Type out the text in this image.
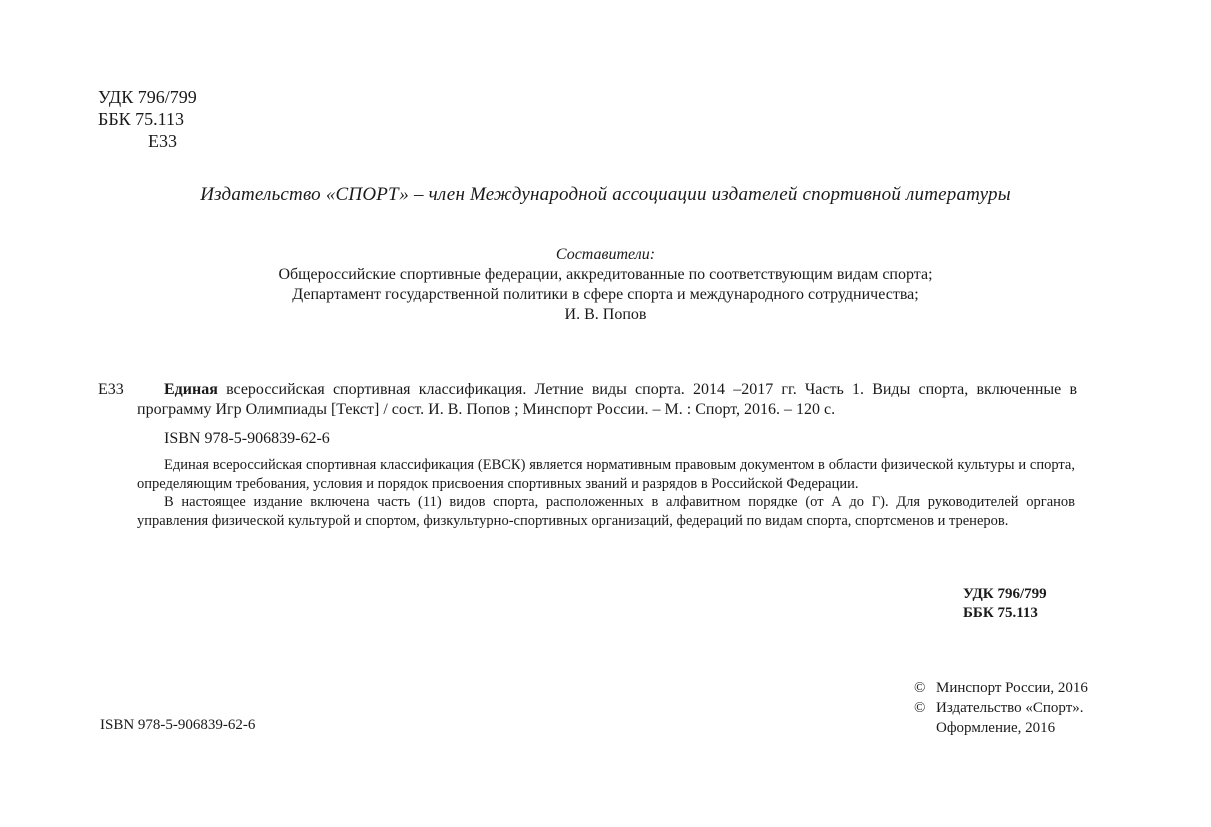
УДК 796/799
ББК 75.113
Е33
Издательство «СПОРТ» – член Международной ассоциации издателей спортивной литературы
Составители:
Общероссийские спортивные федерации, аккредитованные по соответствующим видам спорта;
Департамент государственной политики в сфере спорта и международного сотрудничества;
И. В. Попов
Е33	Единая всероссийская спортивная классификация. Летние виды спорта. 2014 –2017 гг. Часть 1. Виды спорта, включенные в программу Игр Олимпиады [Текст] / сост. И. В. Попов ; Минспорт России. – М. : Спорт, 2016. – 120 с.
ISBN 978-5-906839-62-6

Единая всероссийская спортивная классификация (ЕВСК) является нормативным правовым документом в области физической культуры и спорта, определяющим требования, условия и порядок присвоения спортивных званий и разрядов в Российской Федерации.

В настоящее издание включена часть (11) видов спорта, расположенных в алфавитном порядке (от А до Г). Для руководителей органов управления физической культурой и спортом, физкультурно-спортивных организаций, федераций по видам спорта, спортсменов и тренеров.

УДК 796/799
ББК 75.113
ISBN 978-5-906839-62-6
© Минспорт России, 2016
© Издательство «Спорт».
Оформление, 2016
